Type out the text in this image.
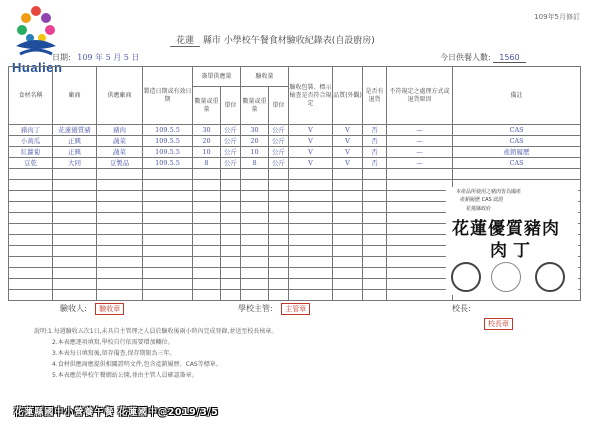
Hualien
109年5月修訂
花蓮 縣市 小學校午餐食材驗收紀錄表(自設廚房)
日期: 109 年 5 月 5 日	今日供餐人數: 1560
食材名稱	廠商	供應廠商	製造日期或有效日期	簽單供應量		驗收量		驗收包裝、標示檢查是否符合規定	品質(外觀)	是否有退貨	不符規定之處理方式或退貨原因	備註
				數量或重量	單位	數量或重量	單位					
豬肉丁	花蓮優質豬	豬肉	109.5.5	30	公斤	30	公斤	V	V	否	—	CAS
小黃瓜	正興	蔬菜	109.5.5	20	公斤	20	公斤	V	V	否	—	CAS
紅蘿蔔	正興	蔬菜	109.5.5	10	公斤	10	公斤	V	V	否	—	產銷履歷
豆乾	大同	豆製品	109.5.5	8	公斤	8	公斤	V	V	否	—	CAS

本產品所使用之豬肉皆為國產
產銷履歷 CAS 認證
花蓮縣政府
花蓮優質豬肉
肉丁
驗收人: 驗收章	學校主管: 主管章	校長:
校長章
說明:1.每週驗收五次1日,未具自主管理之人員於驗收後兩小時內完成登錄,並送至校長核章。
2.本表應逐項填寫,學校自行依需要增加欄位。
3.本表每日填寫後,留存備查,保存期限為三年。
4.食材供應商應提供相關證明文件,包含產銷履歷、CAS等標章。
5.本表應於學校午餐網站公開,並由主管人員確認簽章。
花蓮縣國中小營養午餐 花蓮國中@2019/3/5
